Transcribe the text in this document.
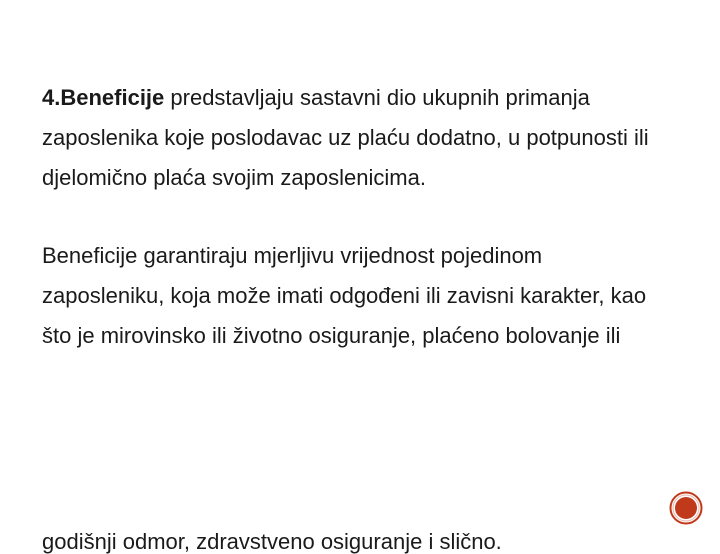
4.Beneficije predstavljaju sastavni dio ukupnih primanja

zaposlenika koje poslodavac uz plaću dodatno, u potpunosti ili

djelomično plaća svojim zaposlenicima.

Beneficije garantiraju mjerljivu vrijednost pojedinom

zaposleniku, koja može imati odgođeni ili zavisni karakter, kao

što je mirovinsko ili životno osiguranje, plaćeno bolovanje ili

godišnji odmor, zdravstveno osiguranje i slično.
